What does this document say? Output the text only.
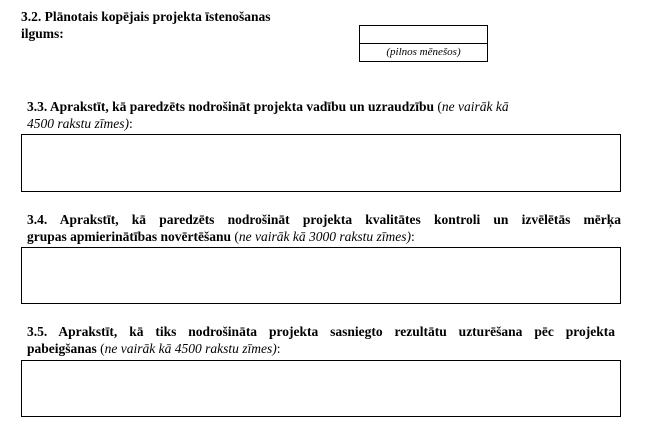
3.2. Plānotais kopējais projekta īstenošanas
ilgums:
(pilnos mēnešos)
3.3. Aprakstīt, kā paredzēts nodrošināt projekta vadību un uzraudzību (ne vairāk kā
4500 rakstu zīmes):
3.4. Aprakstīt, kā paredzēts nodrošināt projekta kvalitātes kontroli un izvēlētās mērķa
grupas apmierinātības novērtēšanu (ne vairāk kā 3000 rakstu zīmes):
3.5. Aprakstīt, kā tiks nodrošināta projekta sasniegto rezultātu uzturēšana pēc projekta
pabeigšanas (ne vairāk kā 4500 rakstu zīmes):
